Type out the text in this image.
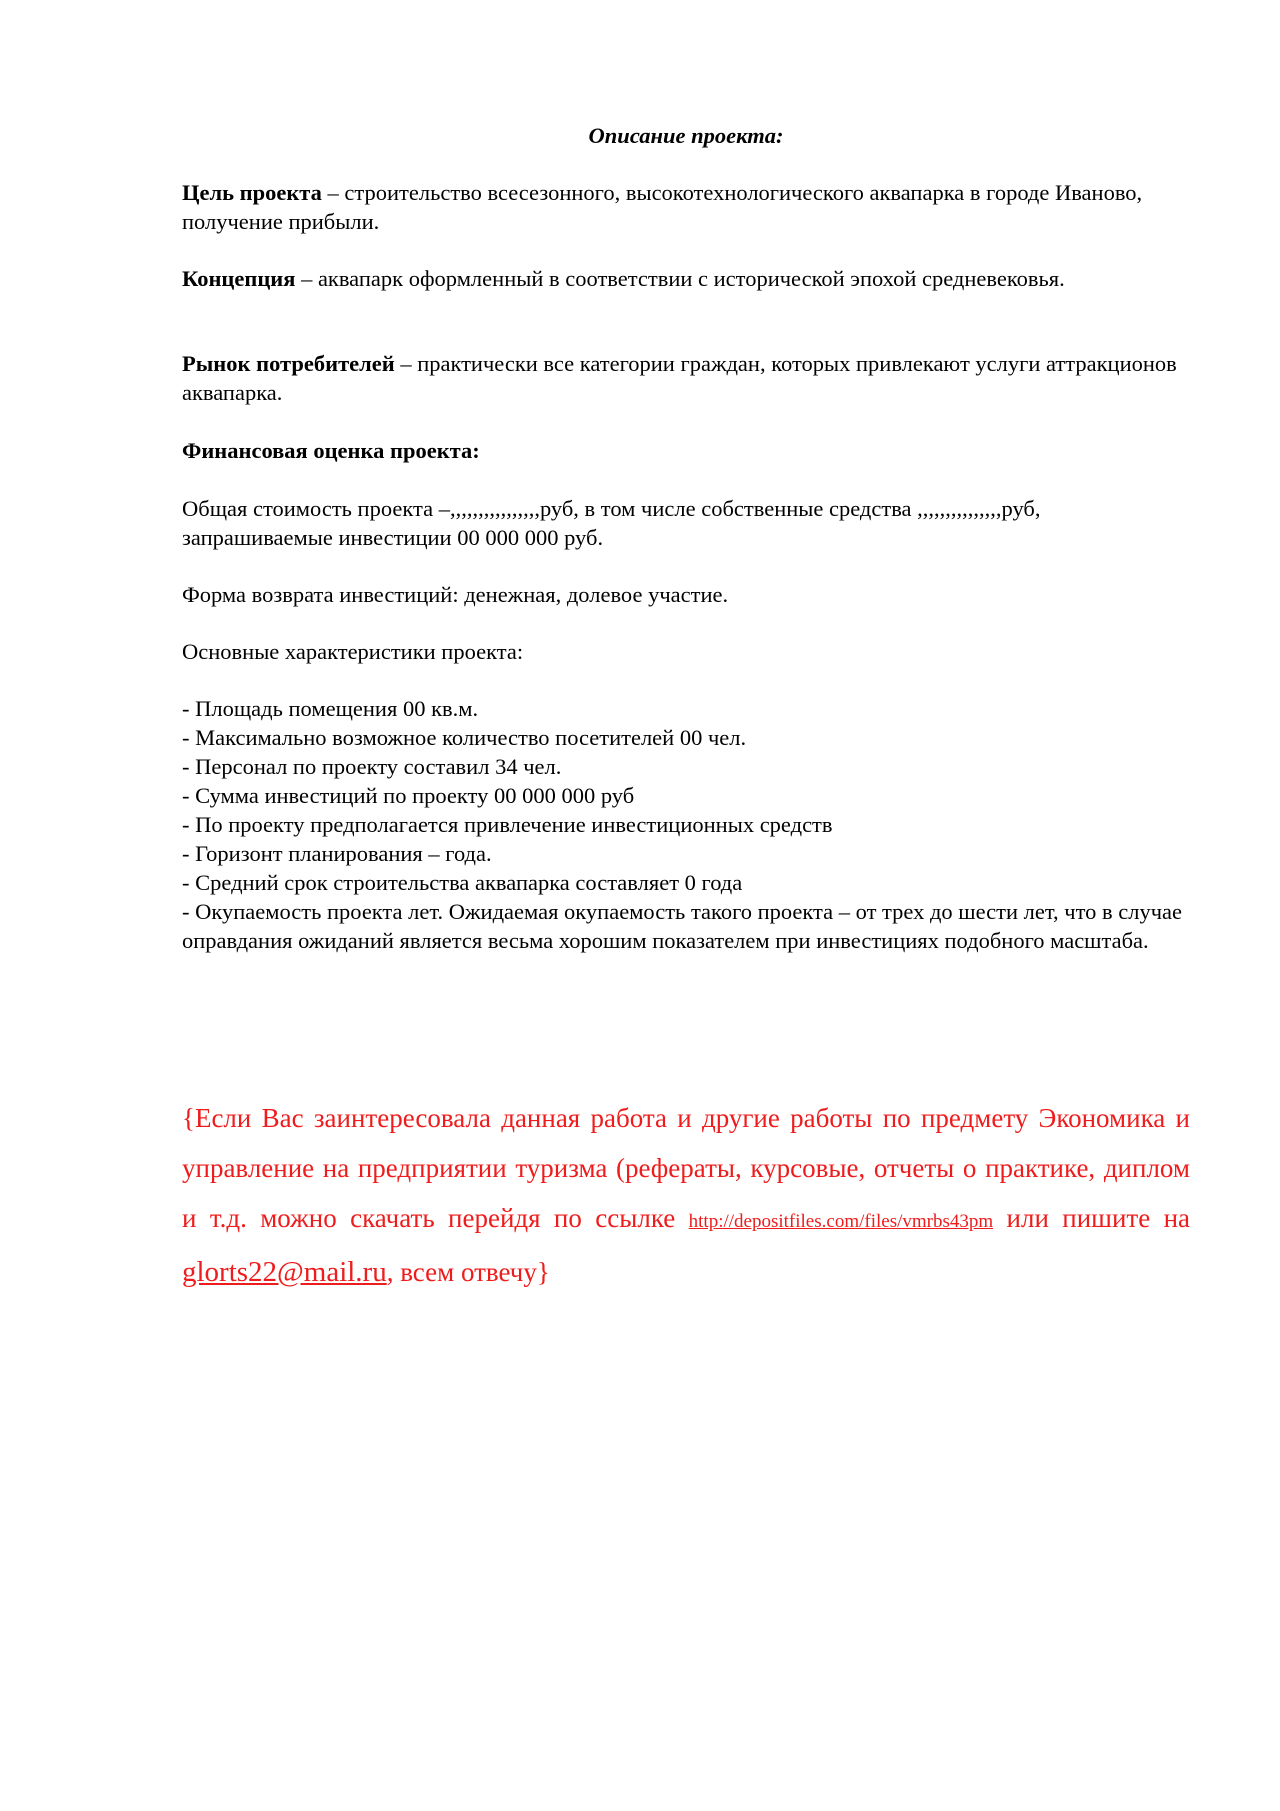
Описание проекта:

Цель проекта – строительство всесезонного, высокотехнологического аквапарка в городе Иваново, получение прибыли.

Концепция – аквапарк оформленный в соответствии с исторической эпохой средневековья.

Рынок потребителей – практически все категории граждан, которых привлекают услуги аттракционов аквапарка.

Финансовая оценка проекта:

Общая стоимость проекта –,,,,,,,,,,,,,,,,руб, в том числе собственные средства ,,,,,,,,,,,,,,,руб, запрашиваемые инвестиции 00 000 000 руб.

Форма возврата инвестиций: денежная, долевое участие.

Основные характеристики проекта:

- Площадь помещения 00 кв.м.
- Максимально возможное количество посетителей 00 чел.
- Персонал по проекту составил 34 чел.
- Сумма инвестиций по проекту 00 000 000 руб
- По проекту предполагается привлечение инвестиционных средств
- Горизонт планирования – года.
- Средний срок строительства аквапарка составляет 0 года
- Окупаемость проекта лет. Ожидаемая окупаемость такого проекта – от трех до шести лет, что в случае оправдания ожиданий является весьма хорошим показателем при инвестициях подобного масштаба.

{Если Вас заинтересовала данная работа и другие работы по предмету Экономика и управление на предприятии туризма (рефераты, курсовые, отчеты о практике, диплом и т.д. можно скачать перейдя по ссылке http://depositfiles.com/files/vmrbs43pm или пишите на glorts22@mail.ru, всем отвечу}
